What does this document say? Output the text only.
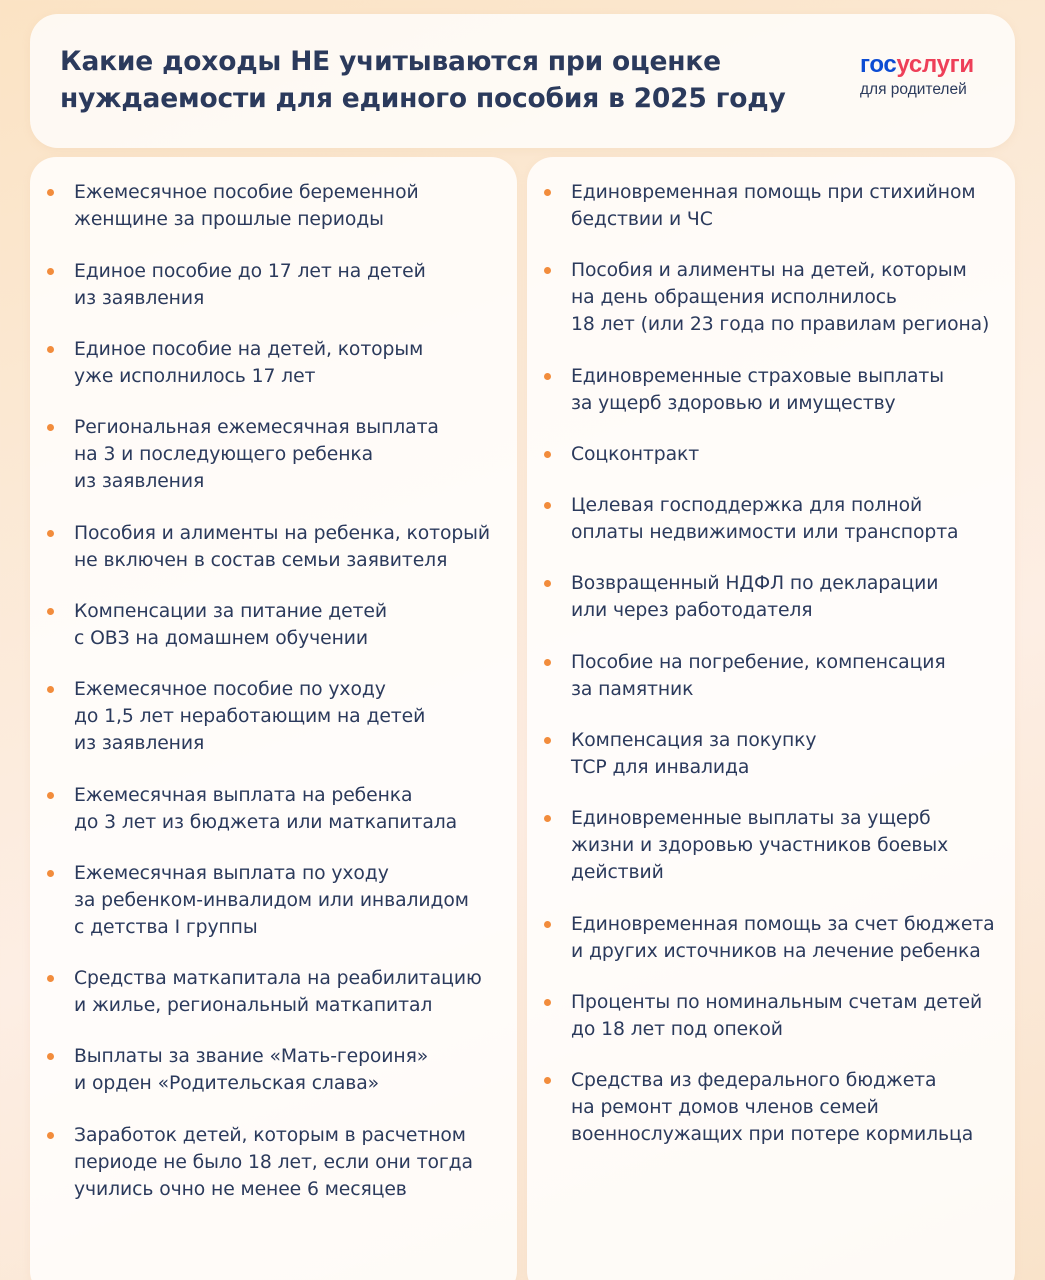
Какие доходы НЕ учитываются при оценке нуждаемости для единого пособия в 2025 году
госуслуги
для родителей
Ежемесячное пособие беременной
женщине за прошлые периоды
Единое пособие до 17 лет на детей
из заявления
Единое пособие на детей, которым
уже исполнилось 17 лет
Региональная ежемесячная выплата
на 3 и последующего ребенка
из заявления
Пособия и алименты на ребенка, который
не включен в состав семьи заявителя
Компенсации за питание детей
с ОВЗ на домашнем обучении
Ежемесячное пособие по уходу
до 1,5 лет неработающим на детей
из заявления
Ежемесячная выплата на ребенка
до 3 лет из бюджета или маткапитала
Ежемесячная выплата по уходу
за ребенком-инвалидом или инвалидом
с детства I группы
Средства маткапитала на реабилитацию
и жилье, региональный маткапитал
Выплаты за звание «Мать-героиня»
и орден «Родительская слава»
Заработок детей, которым в расчетном
периоде не было 18 лет, если они тогда
учились очно не менее 6 месяцев
Единовременная помощь при стихийном
бедствии и ЧС
Пособия и алименты на детей, которым
на день обращения исполнилось
18 лет (или 23 года по правилам региона)
Единовременные страховые выплаты
за ущерб здоровью и имуществу
Соцконтракт
Целевая господдержка для полной
оплаты недвижимости или транспорта
Возвращенный НДФЛ по декларации
или через работодателя
Пособие на погребение, компенсация
за памятник
Компенсация за покупку
ТСР для инвалида
Единовременные выплаты за ущерб
жизни и здоровью участников боевых
действий
Единовременная помощь за счет бюджета
и других источников на лечение ребенка
Проценты по номинальным счетам детей
до 18 лет под опекой
Средства из федерального бюджета
на ремонт домов членов семей
военнослужащих при потере кормильца
